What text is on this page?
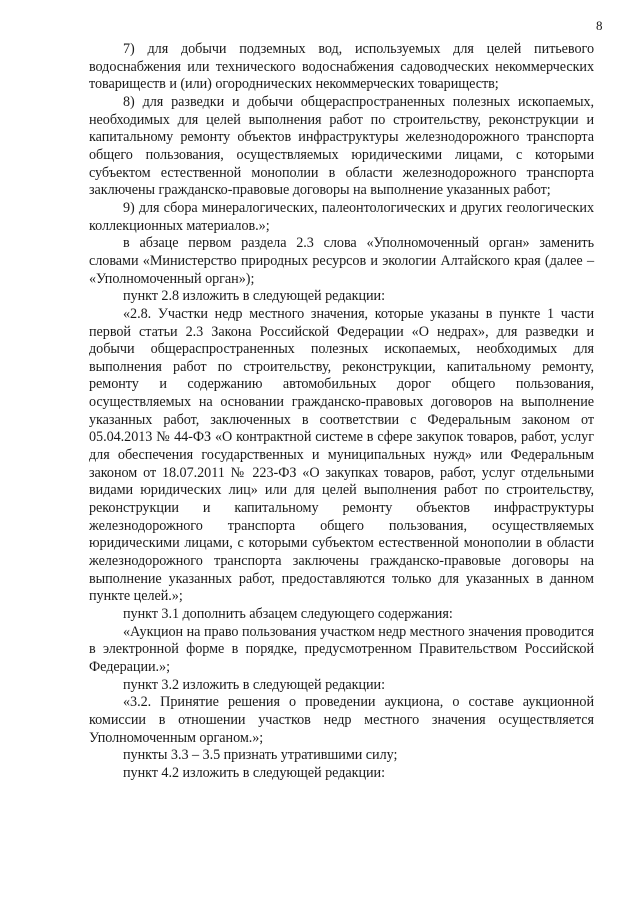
8

7) для добычи подземных вод, используемых для целей питьевого водоснабжения или технического водоснабжения садоводческих некоммерческих товариществ и (или) огороднических некоммерческих товариществ;

8) для разведки и добычи общераспространенных полезных ископаемых, необходимых для целей выполнения работ по строительству, реконструкции и капитальному ремонту объектов инфраструктуры железнодорожного транспорта общего пользования, осуществляемых юридическими лицами, с которыми субъектом естественной монополии в области железнодорожного транспорта заключены гражданско-правовые договоры на выполнение указанных работ;

9) для сбора минералогических, палеонтологических и других геологических коллекционных материалов.»;

в абзаце первом раздела 2.3 слова «Уполномоченный орган» заменить словами «Министерство природных ресурсов и экологии Алтайского края (далее – «Уполномоченный орган»);

пункт 2.8 изложить в следующей редакции:

«2.8. Участки недр местного значения, которые указаны в пункте 1 части первой статьи 2.3 Закона Российской Федерации «О недрах», для разведки и добычи общераспространенных полезных ископаемых, необходимых для выполнения работ по строительству, реконструкции, капитальному ремонту, ремонту и содержанию автомобильных дорог общего пользования, осуществляемых на основании гражданско-правовых договоров на выполнение указанных работ, заключенных в соответствии с Федеральным законом от 05.04.2013 № 44-ФЗ «О контрактной системе в сфере закупок товаров, работ, услуг для обеспечения государственных и муниципальных нужд» или Федеральным законом от 18.07.2011 № 223-ФЗ «О закупках товаров, работ, услуг отдельными видами юридических лиц» или для целей выполнения работ по строительству, реконструкции и капитальному ремонту объектов инфраструктуры железнодорожного транспорта общего пользования, осуществляемых юридическими лицами, с которыми субъектом естественной монополии в области железнодорожного транспорта заключены гражданско-правовые договоры на выполнение указанных работ, предоставляются только для указанных в данном пункте целей.»;

пункт 3.1 дополнить абзацем следующего содержания:

«Аукцион на право пользования участком недр местного значения проводится в электронной форме в порядке, предусмотренном Правительством Российской Федерации.»;

пункт 3.2 изложить в следующей редакции:

«3.2. Принятие решения о проведении аукциона, о составе аукционной комиссии в отношении участков недр местного значения осуществляется Уполномоченным органом.»;

пункты 3.3 – 3.5 признать утратившими силу;

пункт 4.2 изложить в следующей редакции:
